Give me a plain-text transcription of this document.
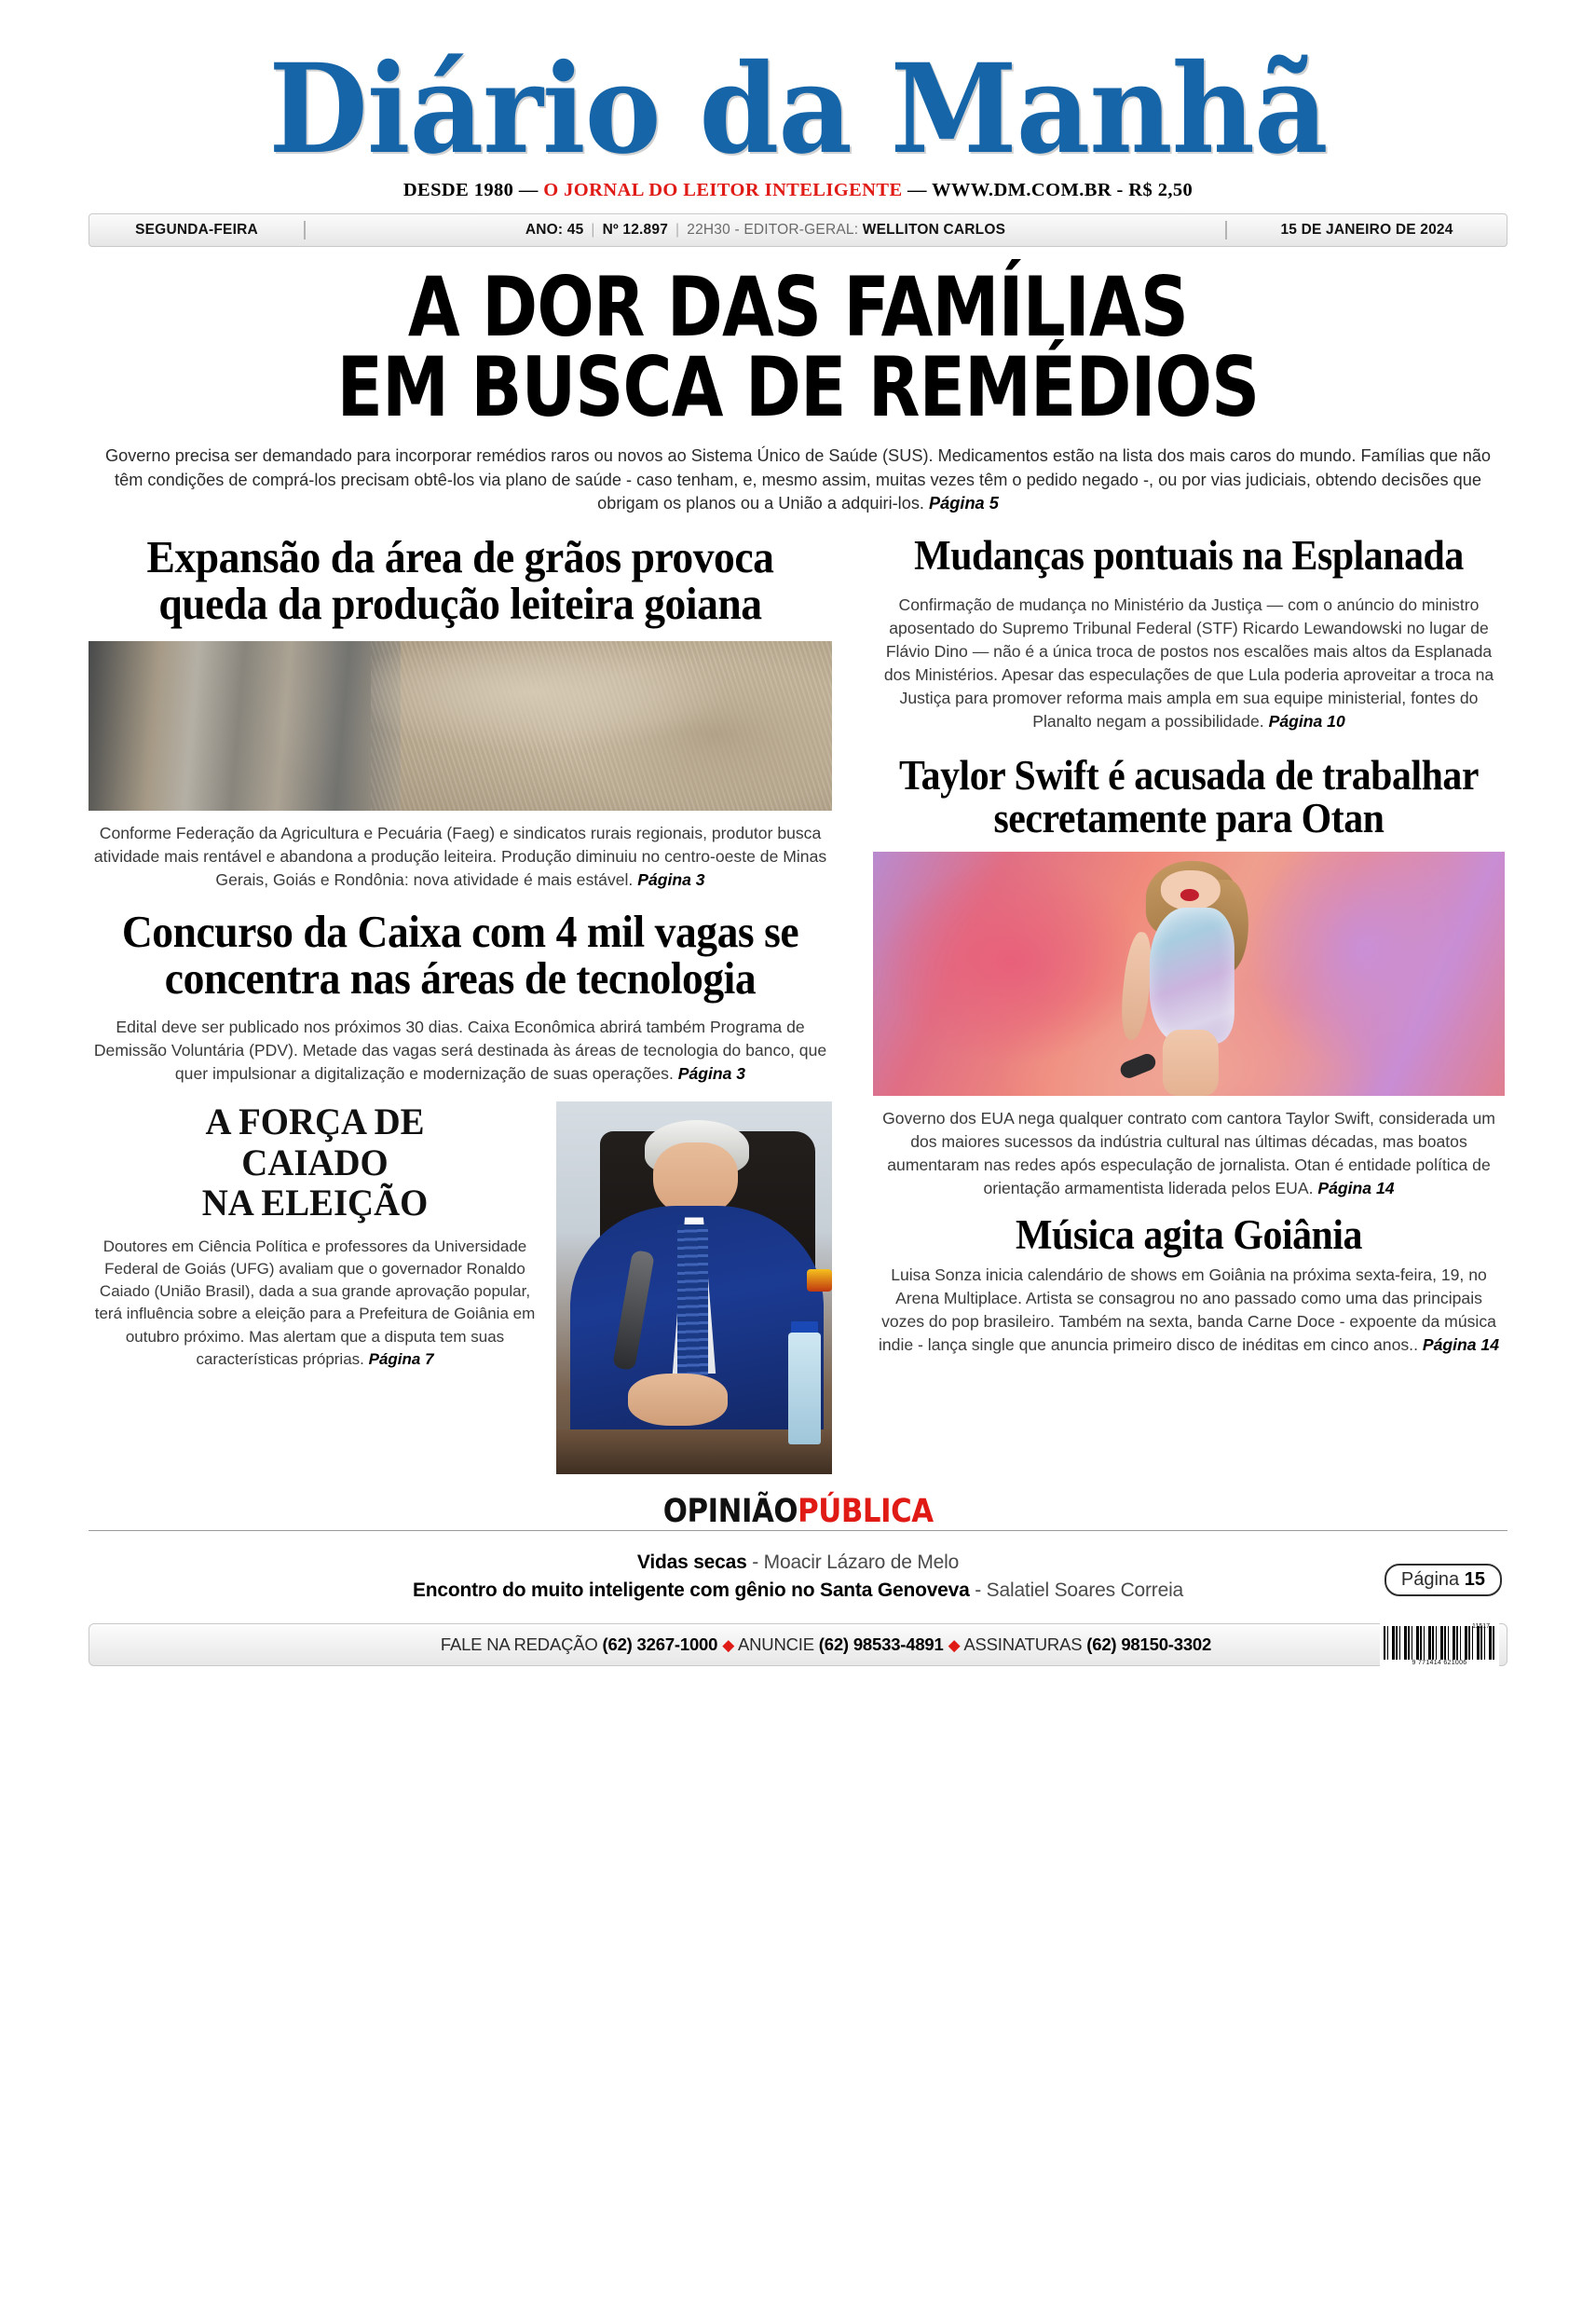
Diário da Manhã
DESDE 1980 — O JORNAL DO LEITOR INTELIGENTE — WWW.DM.COM.BR - R$ 2,50
SEGUNDA-FEIRA	ANO: 45 | Nº 12.897 | 22H30 - EDITOR-GERAL:
WELLITON CARLOS	15 DE JANEIRO DE 2024
A DOR DAS FAMÍLIAS
EM BUSCA DE REMÉDIOS
Governo precisa ser demandado para incorporar remédios raros ou novos ao Sistema Único de Saúde (SUS). Medicamentos estão na lista dos mais caros do mundo. Famílias que não têm condições de comprá-los precisam obtê-los via plano de saúde - caso tenham, e, mesmo assim, muitas vezes têm o pedido negado -, ou por vias judiciais, obtendo decisões que obrigam os planos ou a União a adquiri-los. Página 5
Expansão da área de grãos provoca queda da produção leiteira goiana
Conforme Federação da Agricultura e Pecuária (Faeg) e sindicatos rurais regionais, produtor busca atividade mais rentável e abandona a produção leiteira. Produção diminuiu no centro-oeste de Minas Gerais, Goiás e Rondônia: nova atividade é mais estável. Página 3
Concurso da Caixa com 4 mil vagas se concentra nas áreas de tecnologia
Edital deve ser publicado nos próximos 30 dias. Caixa Econômica abrirá também Programa de Demissão Voluntária (PDV). Metade das vagas será destinada às áreas de tecnologia do banco, que quer impulsionar a digitalização e modernização de suas operações. Página 3
A FORÇA DE
CAIADO
NA ELEIÇÃO
Doutores em Ciência Política e professores da Universidade Federal de Goiás (UFG) avaliam que o governador Ronaldo Caiado (União Brasil), dada a sua grande aprovação popular, terá influência sobre a eleição para a Prefeitura de Goiânia em outubro próximo. Mas alertam que a disputa tem suas características próprias. Página 7
Mudanças pontuais na Esplanada
Confirmação de mudança no Ministério da Justiça — com o anúncio do ministro aposentado do Supremo Tribunal Federal (STF) Ricardo Lewandowski no lugar de Flávio Dino — não é a única troca de postos nos escalões mais altos da Esplanada dos Ministérios. Apesar das especulações de que Lula poderia aproveitar a troca na Justiça para promover reforma mais ampla em sua equipe ministerial, fontes do Planalto negam a possibilidade. Página 10
Taylor Swift é acusada de trabalhar secretamente para Otan
Governo dos EUA nega qualquer contrato com cantora Taylor Swift, considerada um dos maiores sucessos da indústria cultural nas últimas décadas, mas boatos aumentaram nas redes após especulação de jornalista. Otan é entidade política de orientação armamentista liderada pelos EUA. Página 14
Música agita Goiânia
Luisa Sonza inicia calendário de shows em Goiânia na próxima sexta-feira, 19, no Arena Multiplace. Artista se consagrou no ano passado como uma das principais vozes do pop brasileiro. Também na sexta, banda Carne Doce - expoente da música indie - lança single que anuncia primeiro disco de inéditas em cinco anos.. Página 14
OPINIÃOPÚBLICA
Vidas secas - Moacir Lázaro de Melo
Encontro do muito inteligente com gênio no Santa Genoveva - Salatiel Soares Correia	Página 15
FALE NA REDAÇÃO (62) 3267-1000 ◆ ANUNCIE (62) 98533-4891 ◆ ASSINATURAS (62) 98150-3302
11517
9 771414 621006
